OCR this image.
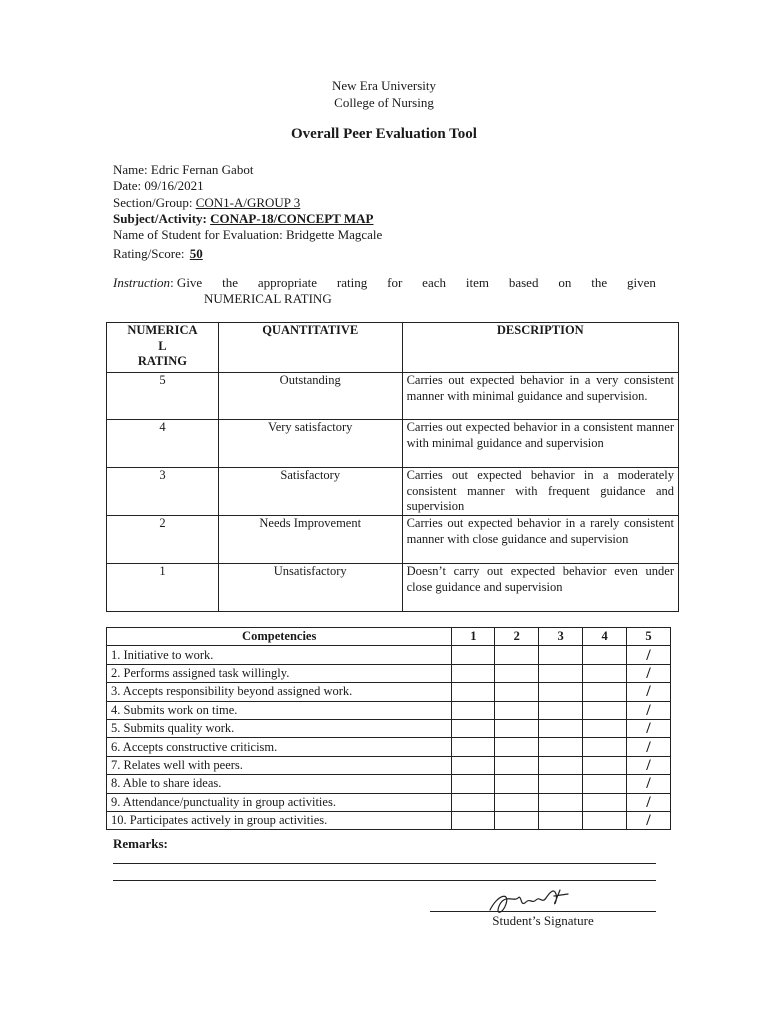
New Era University
College of Nursing
Overall Peer Evaluation Tool
Name: Edric Fernan Gabot
Date: 09/16/2021
Section/Group: CON1-A/GROUP 3
Subject/Activity: CONAP-18/CONCEPT MAP
Name of Student for Evaluation: Bridgette Magcale
Rating/Score: 50
Instruction: Give the appropriate rating for each item based on the given
NUMERICAL RATING
NUMERICA
L
RATING	QUANTITATIVE	DESCRIPTION
5	Outstanding	Carries out expected behavior in a very consistent manner with minimal guidance and supervision.
4	Very satisfactory	Carries out expected behavior in a consistent manner with minimal guidance and supervision
3	Satisfactory	Carries out expected behavior in a moderately consistent manner with frequent guidance and supervision
2	Needs Improvement	Carries out expected behavior in a rarely consistent manner with close guidance and supervision
1	Unsatisfactory	Doesn’t carry out expected behavior even under close guidance and supervision
Competencies	1	2	3	4	5
1. Initiative to work.					/
2. Performs assigned task willingly.					/
3. Accepts responsibility beyond assigned work.					/
4. Submits work on time.					/
5. Submits quality work.					/
6. Accepts constructive criticism.					/
7. Relates well with peers.					/
8. Able to share ideas.					/
9. Attendance/punctuality in group activities.					/
10. Participates actively in group activities.					/
Remarks:
Student’s Signature
